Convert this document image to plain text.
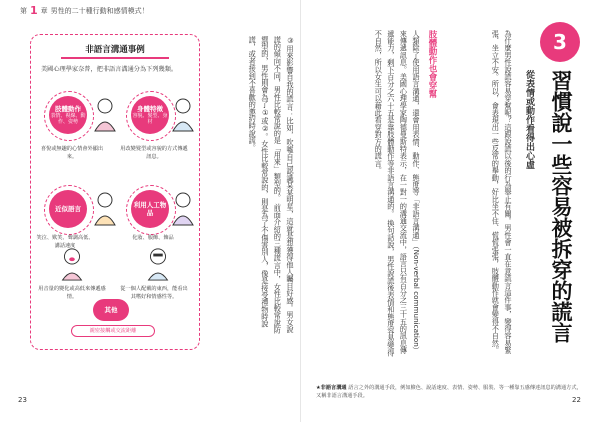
第 1 章 男性的二十種行動和感情模式！
23	22
非語言溝通事例
美國心理學家奈普，把非語言溝通分為下列幾類。
肢體動作
表情、視線、動作、姿勢
身體特徵
容貌、髮型、身材
喜悅或無趣的心情會外顯出來。
用改變髮型或容貌的方式傳遞訊息。
近似語言
笑泣、歎笑、聲調高低、講話速度
利用人工物品
化妝、服飾、飾品
用音量的變化或高低來傳遞感情。
從一個人配戴的東西，能看出其嗜好和情感性等。
其他
親密接觸或交流距離	③用來影響自我的謊言：比如，吹噓自己認識某某明星，這就是想獲得他人矚目好感。男女說謊的傾向不同，男性比較常說的是「用來」類型的。 前面介紹的三種謊言中，女性比較常說防禦型的，男性則會為了①或②。女性比較常說的，則是為了不傷害別人，像是接受禮物時說謊，或者接到不喜歡的邀約時說謊。	3
習慣說一些容易被拆穿的謊言
從表情或動作看得出心虛
為什麼男性說謊容易穿幫呢？這跟說謊以後的行為舉止有關。男性會一直在意謊言這件事，變得容易緊張、坐立不安。所以，會表現出一些反常的舉動，好比坐不住、慌慌張張，肢體動作就會變得不自然。
肢體動作也會穿幫
人類除了使用語言溝通，還會用表情、動作、態度等「非語言溝通」（Non-verbal communication）來傳遞訊息。美國心理學家陶德曼斯特表示，在一對一的溝通交流中，語言只有百分之三十五的訊息傳遞能力，剩下百分之六十五是靠肢體動作等非語言溝通的。 換句話說，男性說謊後表情和態度容易變得不自然，所以女生可以藉此看穿對方的謊言。
★非語言溝通 語言之外的溝通手段，例如臉色、說話速度、表情、姿勢、服裝、等一種靠五感傳達訊息的溝通方式，又稱非語言溝通手段。
